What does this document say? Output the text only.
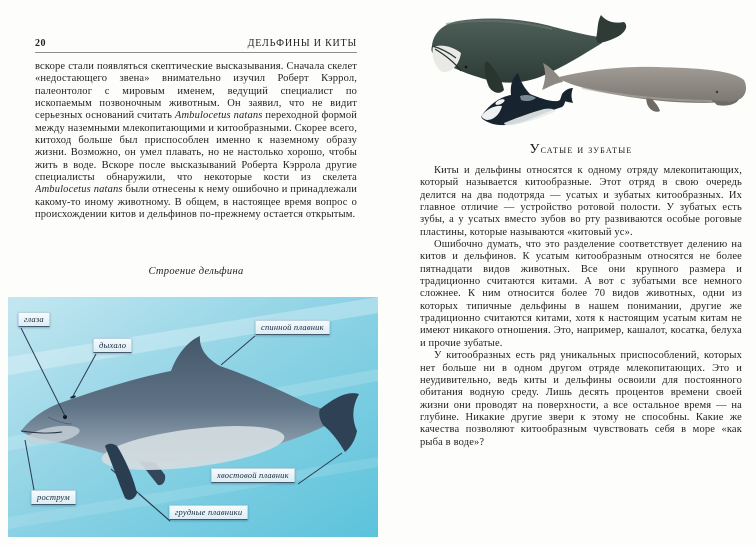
20	ДЕЛЬФИНЫ И КИТЫ

вскоре стали появляться скептические высказывания. Сначала скелет «недостающего звена» внимательно изучил Роберт Кэррол, палеонтолог с мировым именем, ведущий специалист по ископаемым позвоночным животным. Он заявил, что не видит серьезных оснований считать Ambulocetus natans переходной формой между наземными млекопитающими и китообразными. Скорее всего, китоход больше был приспособлен именно к наземному образу жизни. Возможно, он умел плавать, но не настолько хорошо, чтобы жить в воде. Вскоре после высказываний Роберта Кэррола другие специалисты обнаружили, что некоторые кости из скелета Ambulocetus natans были отнесены к нему ошибочно и принадлежали какому-то иному животному. В общем, в настоящее время вопрос о происхождении китов и дельфинов по-прежнему остается открытым.

Строение дельфина
глаза
дыхало
спинной плавник
хвостовой плавник
грудные плавники
рострум
Усатые и зубатые

Киты и дельфины относятся к одному отряду млекопитающих, который называется китообразные. Этот отряд в свою очередь делится на два подотряда — усатых и зубатых китообразных. Их главное отличие — устройство ротовой полости. У зубатых есть зубы, а у усатых вместо зубов во рту развиваются особые роговые пластины, которые называются «китовый ус».

Ошибочно думать, что это разделение соответствует делению на китов и дельфинов. К усатым китообразным относятся не более пятнадцати видов животных. Все они крупного размера и традиционно считаются китами. А вот с зубатыми все немного сложнее. К ним относится более 70 видов животных, одни из которых типичные дельфины в нашем понимании, другие же традиционно считаются китами, хотя к настоящим усатым китам не имеют никакого отношения. Это, например, кашалот, косатка, белуха и прочие зубатые.

У китообразных есть ряд уникальных приспособлений, которых нет больше ни в одном другом отряде млекопитающих. Это и неудивительно, ведь киты и дельфины освоили для постоянного обитания водную среду. Лишь десять процентов времени своей жизни они проводят на поверхности, а все остальное время — на глубине. Никакие другие звери к этому не способны. Какие же качества позволяют китообразным чувствовать себя в море «как рыба в воде»?
